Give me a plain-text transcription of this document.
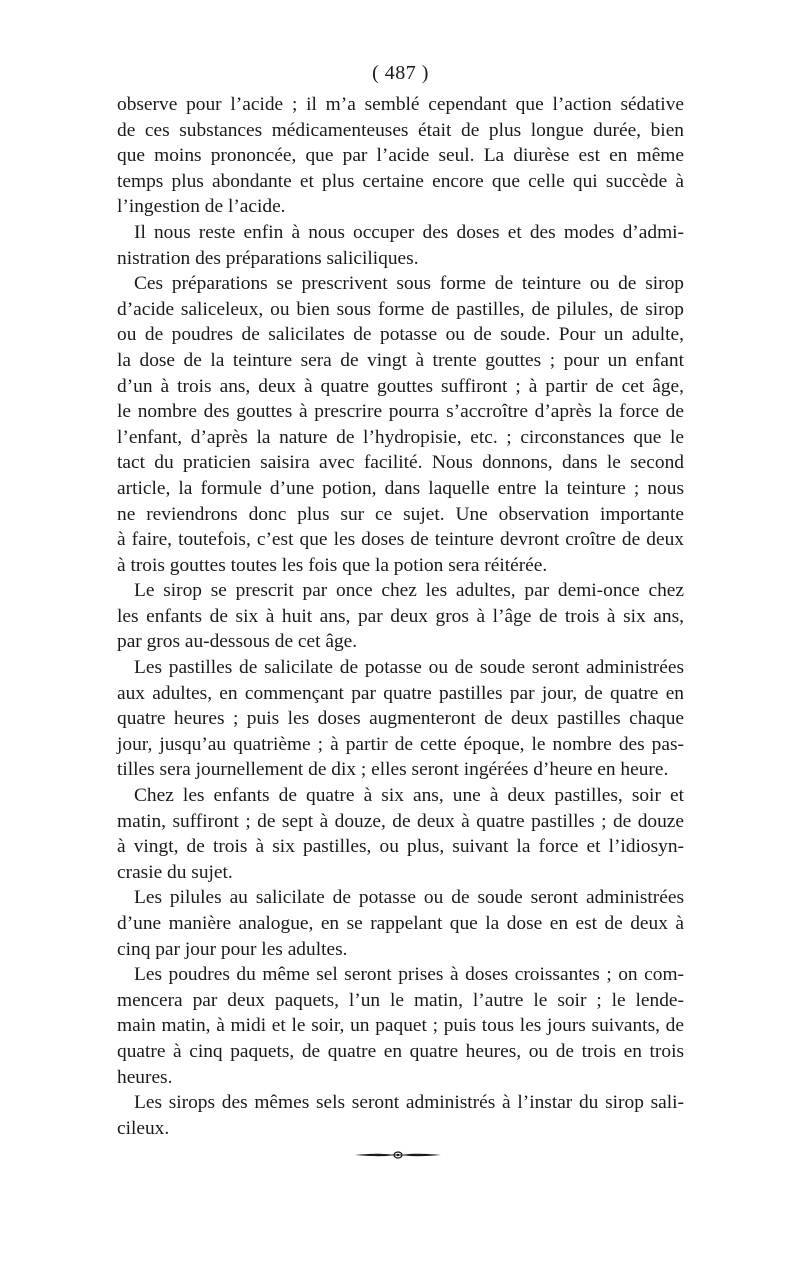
( 487 )

observe pour l’acide ; il m’a semblé cependant que l’action sédative
de ces substances médicamenteuses était de plus longue durée, bien
que moins prononcée, que par l’acide seul. La diurèse est en même
temps plus abondante et plus certaine encore que celle qui succède à
l’ingestion de l’acide.

Il nous reste enfin à nous occuper des doses et des modes d’admi-
nistration des préparations saliciliques.

Ces préparations se prescrivent sous forme de teinture ou de sirop
d’acide saliceleux, ou bien sous forme de pastilles, de pilules, de sirop
ou de poudres de salicilates de potasse ou de soude. Pour un adulte,
la dose de la teinture sera de vingt à trente gouttes ; pour un enfant
d’un à trois ans, deux à quatre gouttes suffiront ; à partir de cet âge,
le nombre des gouttes à prescrire pourra s’accroître d’après la force de
l’enfant, d’après la nature de l’hydropisie, etc. ; circonstances que le
tact du praticien saisira avec facilité. Nous donnons, dans le second
article, la formule d’une potion, dans laquelle entre la teinture ; nous
ne reviendrons donc plus sur ce sujet. Une observation importante
à faire, toutefois, c’est que les doses de teinture devront croître de deux
à trois gouttes toutes les fois que la potion sera réitérée.

Le sirop se prescrit par once chez les adultes, par demi-once chez
les enfants de six à huit ans, par deux gros à l’âge de trois à six ans,
par gros au-dessous de cet âge.

Les pastilles de salicilate de potasse ou de soude seront administrées
aux adultes, en commençant par quatre pastilles par jour, de quatre en
quatre heures ; puis les doses augmenteront de deux pastilles chaque
jour, jusqu’au quatrième ; à partir de cette époque, le nombre des pas-
tilles sera journellement de dix ; elles seront ingérées d’heure en heure.

Chez les enfants de quatre à six ans, une à deux pastilles, soir et
matin, suffiront ; de sept à douze, de deux à quatre pastilles ; de douze
à vingt, de trois à six pastilles, ou plus, suivant la force et l’idiosyn-
crasie du sujet.

Les pilules au salicilate de potasse ou de soude seront administrées
d’une manière analogue, en se rappelant que la dose en est de deux à
cinq par jour pour les adultes.

Les poudres du même sel seront prises à doses croissantes ; on com-
mencera par deux paquets, l’un le matin, l’autre le soir ; le lende-
main matin, à midi et le soir, un paquet ; puis tous les jours suivants, de
quatre à cinq paquets, de quatre en quatre heures, ou de trois en trois
heures.

Les sirops des mêmes sels seront administrés à l’instar du sirop sali-
cileux.
